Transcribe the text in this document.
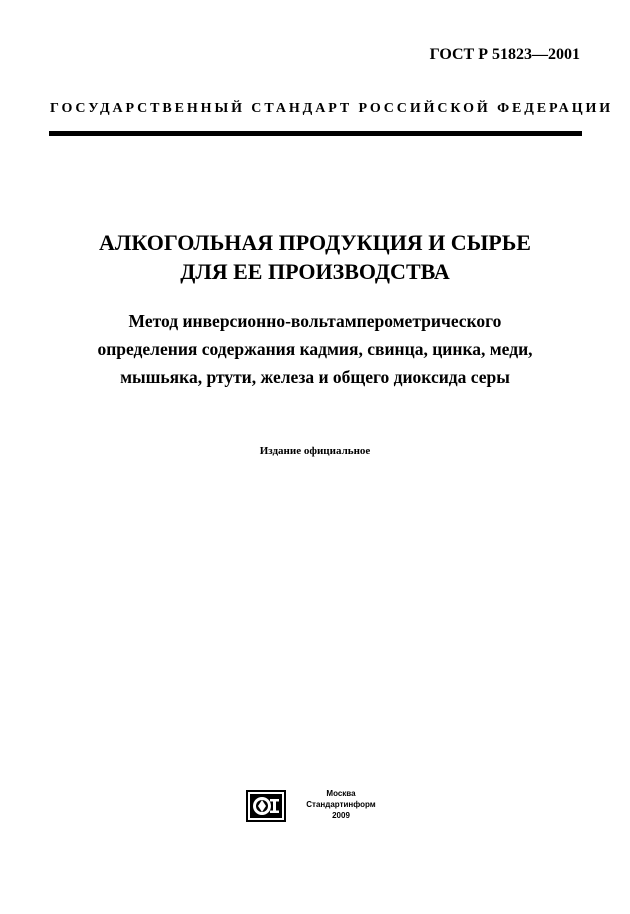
ГОСТ Р 51823—2001
ГОСУДАРСТВЕННЫЙ СТАНДАРТ РОССИЙСКОЙ ФЕДЕРАЦИИ
АЛКОГОЛЬНАЯ ПРОДУКЦИЯ И СЫРЬЕ
ДЛЯ ЕЕ ПРОИЗВОДСТВА
Метод инверсионно-вольтамперометрического
определения содержания кадмия, свинца, цинка, меди,
мышьяка, ртути, железа и общего диоксида серы
Издание официальное
Москва
Стандартинформ
2009
